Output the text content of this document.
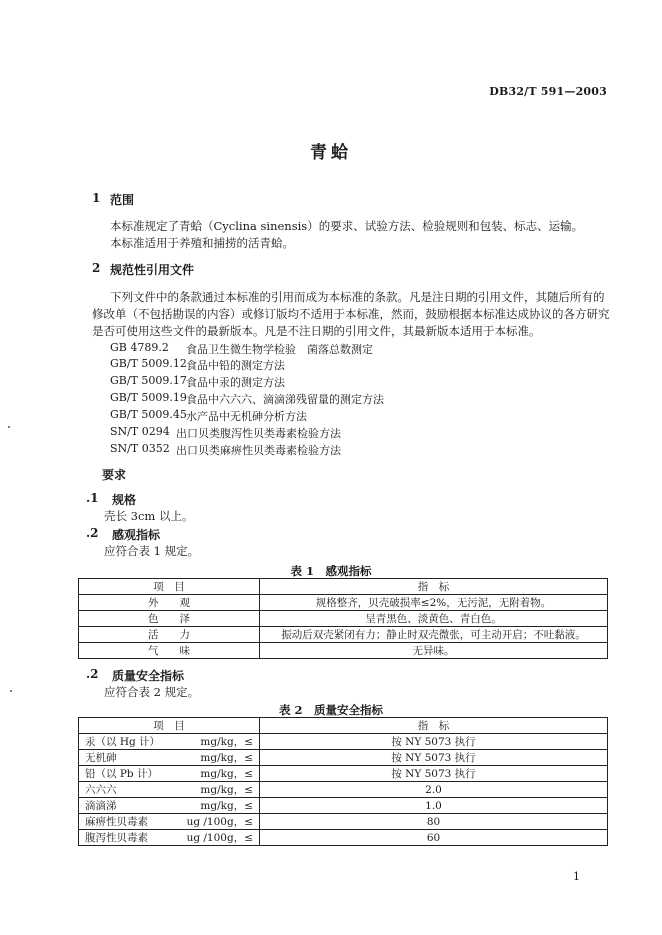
DB32/T 591—2003
青蛤
1 范围
本标准规定了青蛤（Cyclina sinensis）的要求、试验方法、检验规则和包装、标志、运输。
本标准适用于养殖和捕捞的活青蛤。
2 规范性引用文件
下列文件中的条款通过本标准的引用而成为本标准的条款。凡是注日期的引用文件，其随后所有的
修改单（不包括勘误的内容）或修订版均不适用于本标准，然而，鼓励根据本标准达成协议的各方研究
是否可使用这些文件的最新版本。凡是不注日期的引用文件，其最新版本适用于本标准。
GB 4789.2 食品卫生微生物学检验　菌落总数测定
GB/T 5009.12 食品中铅的测定方法
GB/T 5009.17 食品中汞的测定方法
GB/T 5009.19 食品中六六六、滴滴涕残留量的测定方法
GB/T 5009.45 水产品中无机砷分析方法
SN/T 0294 出口贝类腹泻性贝类毒素检验方法
SN/T 0352 出口贝类麻痹性贝类毒素检验方法
要求
.1 规格
壳长 3cm 以上。
.2 感观指标
应符合表 1 规定。
表 1　感观指标
项　目	指　标
外　　观	规格整齐，贝壳破损率≤2%，无污泥，无附着物。
色　　泽	呈青黑色、淡黄色、青白色。
活　　力	振动后双壳紧闭有力；静止时双壳微张，可主动开启；不吐黏液。
气　　味	无异味。
.2 质量安全指标
应符合表 2 规定。
表 2　质量安全指标
项　目	指　标

汞（以 Hg 计） mg/kg，≤	按 NY 5073 执行

无机砷 mg/kg，≤	按 NY 5073 执行

铅（以 Pb 计） mg/kg，≤	按 NY 5073 执行

六六六 mg/kg，≤	2.0

滴滴涕 mg/kg，≤	1.0

麻痹性贝毒素 ug /100g，≤	80

腹泻性贝毒素 ug /100g，≤	60
1
